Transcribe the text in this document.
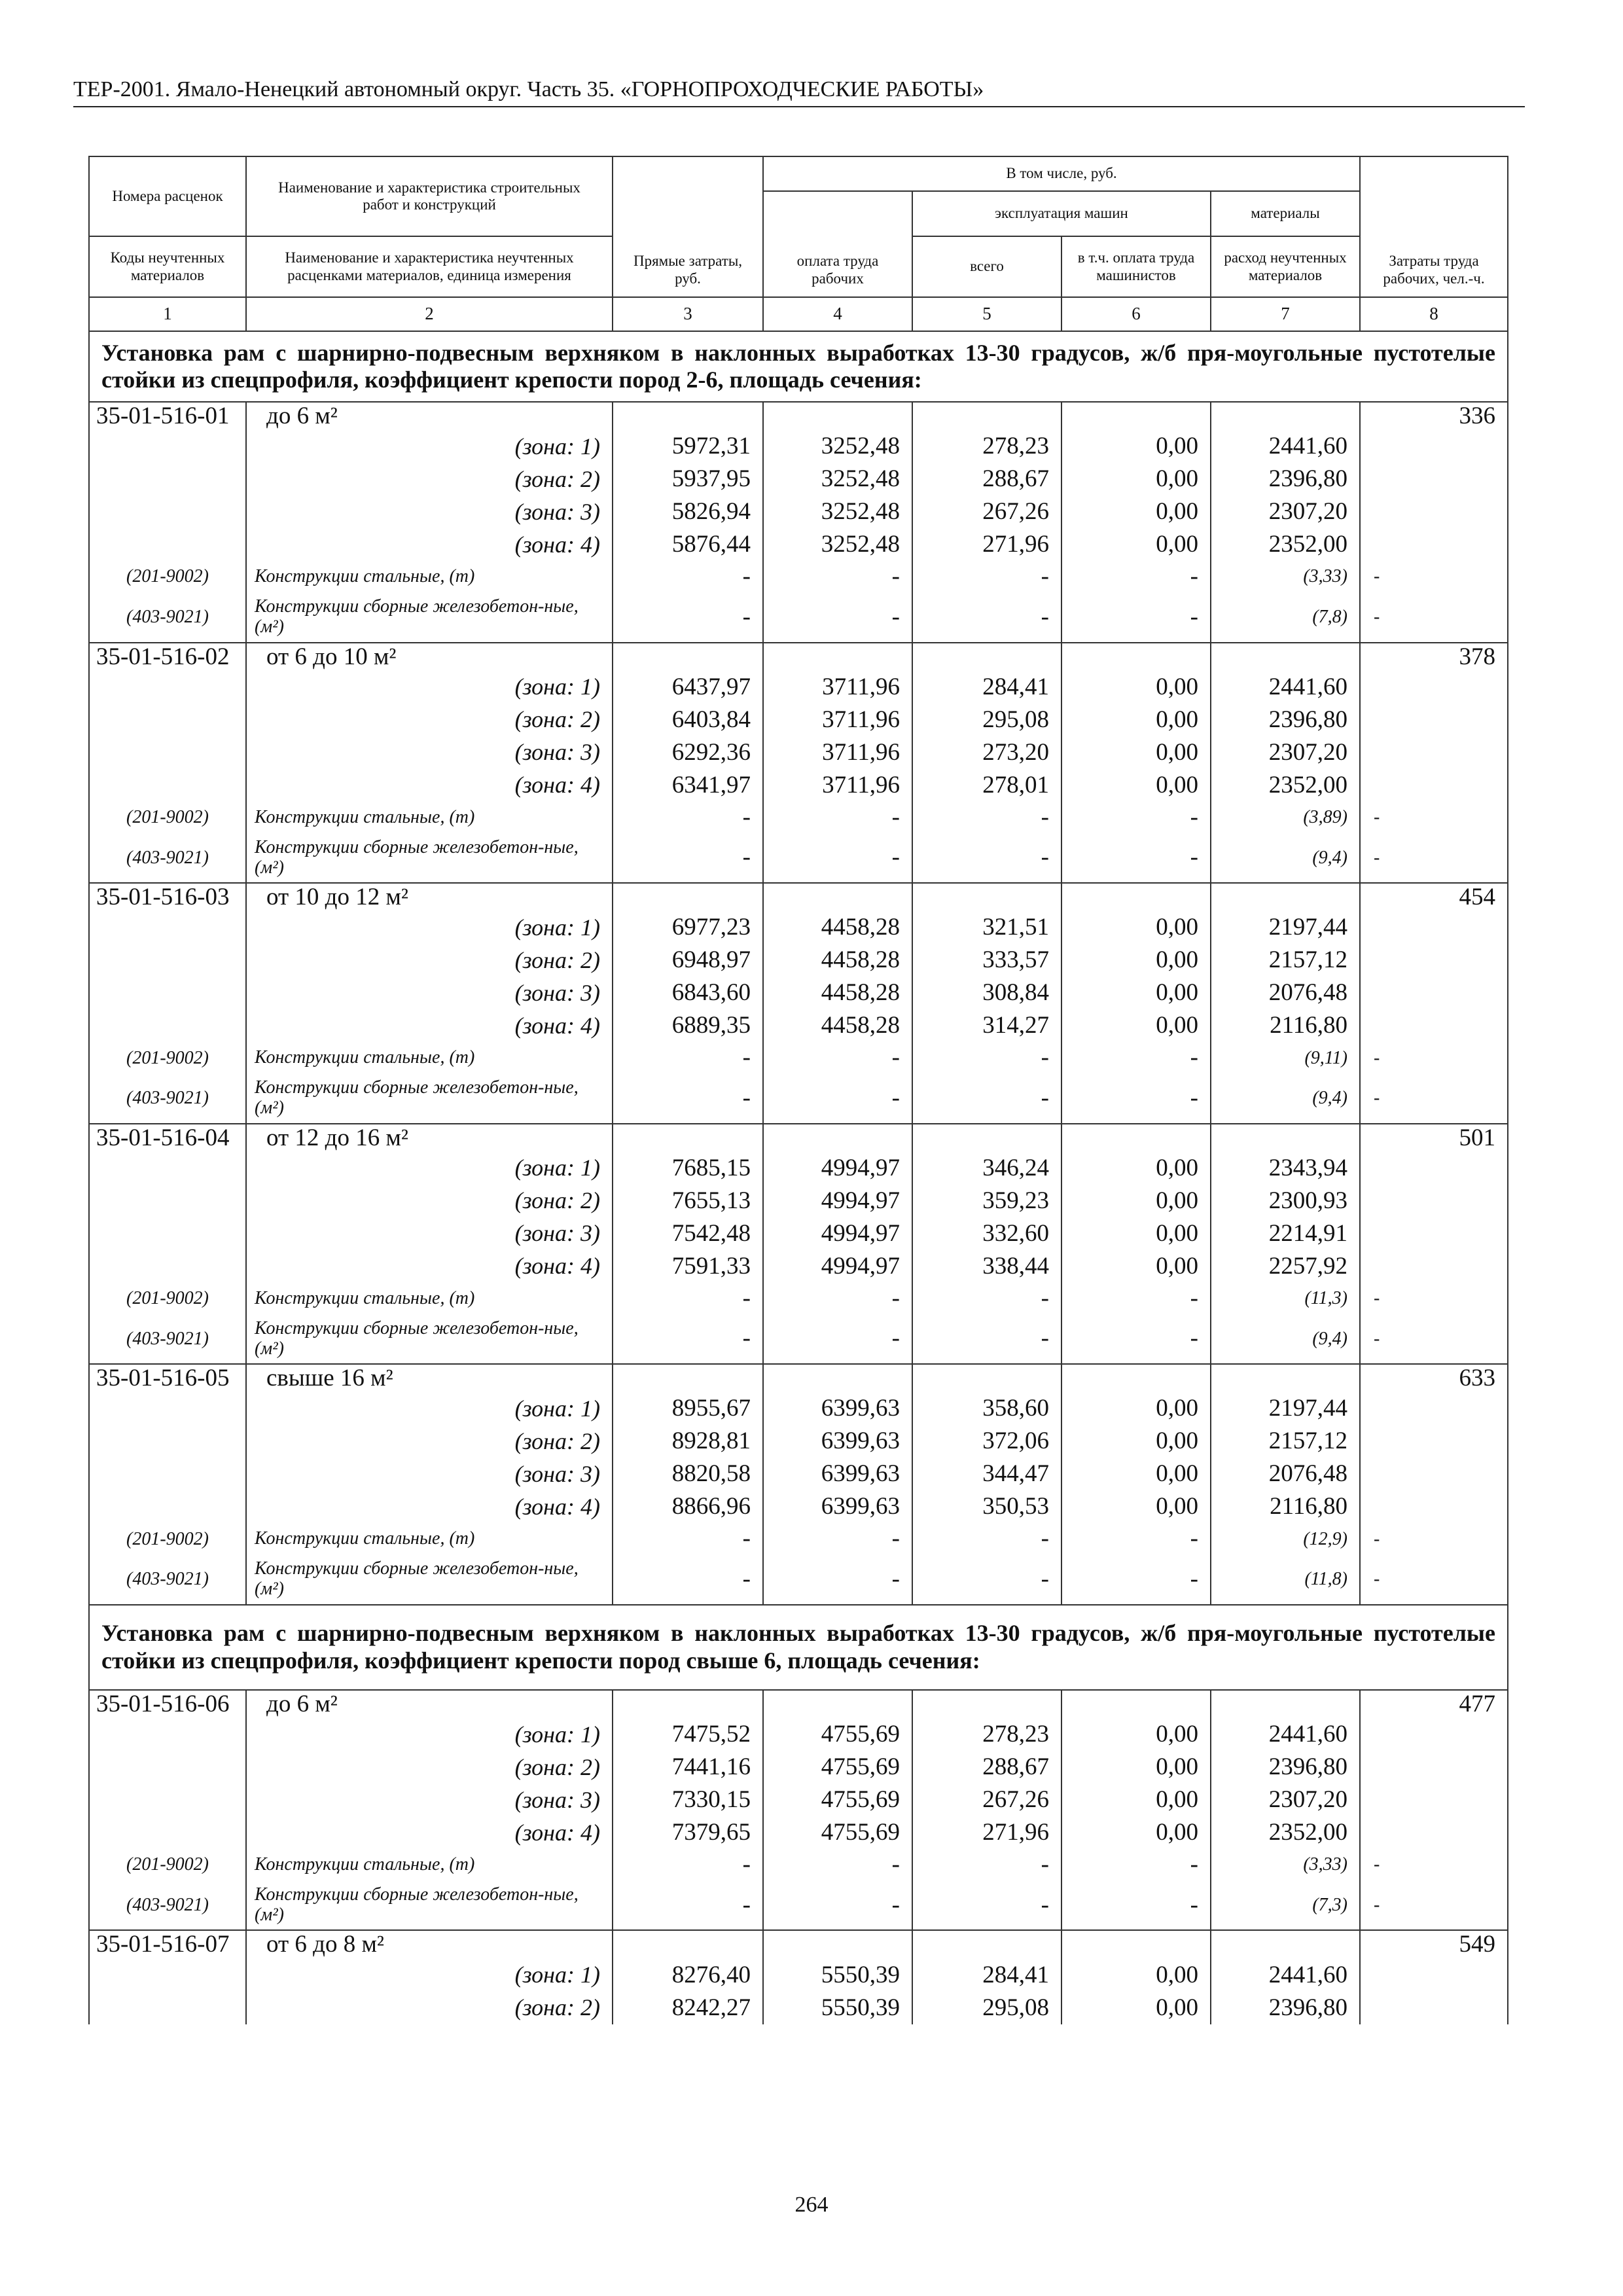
ТЕР-2001. Ямало-Ненецкий автономный округ. Часть 35. «ГОРНОПРОХОДЧЕСКИЕ РАБОТЫ»
Номера расценок	Наименование и характеристика строительных работ и конструкций	Прямые затраты, руб.	В том числе, руб.				Затраты труда рабочих, чел.-ч.
			оплата труда рабочих	эксплуатация машин		материалы	
Коды неучтенных материалов	Наименование и характеристика неучтенных расценками материалов, единица измерения			всего	в т.ч. оплата труда машинистов	расход неучтенных материалов	
1	2	3	4	5	6	7	8
Установка рам с шарнирно-подвесным верхняком в наклонных выработках 13-30 градусов, ж/б пря-моугольные пустотелые стойки из спецпрофиля, коэффициент крепости пород 2-6, площадь сечения:							
35-01-516-01	до 6 м²						336
	(зона: 1)	5972,31	3252,48	278,23	0,00	2441,60	
	(зона: 2)	5937,95	3252,48	288,67	0,00	2396,80	
	(зона: 3)	5826,94	3252,48	267,26	0,00	2307,20	
	(зона: 4)	5876,44	3252,48	271,96	0,00	2352,00	
(201-9002)	Конструкции стальные, (т)	-	-	-	-	(3,33)	-
(403-9021)	Конструкции сборные железобетон-ные, (м²)	-	-	-	-	(7,8)	-
35-01-516-02	от 6 до 10 м²						378
	(зона: 1)	6437,97	3711,96	284,41	0,00	2441,60	
	(зона: 2)	6403,84	3711,96	295,08	0,00	2396,80	
	(зона: 3)	6292,36	3711,96	273,20	0,00	2307,20	
	(зона: 4)	6341,97	3711,96	278,01	0,00	2352,00	
(201-9002)	Конструкции стальные, (т)	-	-	-	-	(3,89)	-
(403-9021)	Конструкции сборные железобетон-ные, (м²)	-	-	-	-	(9,4)	-
35-01-516-03	от 10 до 12 м²						454
	(зона: 1)	6977,23	4458,28	321,51	0,00	2197,44	
	(зона: 2)	6948,97	4458,28	333,57	0,00	2157,12	
	(зона: 3)	6843,60	4458,28	308,84	0,00	2076,48	
	(зона: 4)	6889,35	4458,28	314,27	0,00	2116,80	
(201-9002)	Конструкции стальные, (т)	-	-	-	-	(9,11)	-
(403-9021)	Конструкции сборные железобетон-ные, (м²)	-	-	-	-	(9,4)	-
35-01-516-04	от 12 до 16 м²						501
	(зона: 1)	7685,15	4994,97	346,24	0,00	2343,94	
	(зона: 2)	7655,13	4994,97	359,23	0,00	2300,93	
	(зона: 3)	7542,48	4994,97	332,60	0,00	2214,91	
	(зона: 4)	7591,33	4994,97	338,44	0,00	2257,92	
(201-9002)	Конструкции стальные, (т)	-	-	-	-	(11,3)	-
(403-9021)	Конструкции сборные железобетон-ные, (м²)	-	-	-	-	(9,4)	-
35-01-516-05	свыше 16 м²						633
	(зона: 1)	8955,67	6399,63	358,60	0,00	2197,44	
	(зона: 2)	8928,81	6399,63	372,06	0,00	2157,12	
	(зона: 3)	8820,58	6399,63	344,47	0,00	2076,48	
	(зона: 4)	8866,96	6399,63	350,53	0,00	2116,80	
(201-9002)	Конструкции стальные, (т)	-	-	-	-	(12,9)	-
(403-9021)	Конструкции сборные железобетон-ные, (м²)	-	-	-	-	(11,8)	-
Установка рам с шарнирно-подвесным верхняком в наклонных выработках 13-30 градусов, ж/б пря-моугольные пустотелые стойки из спецпрофиля, коэффициент крепости пород свыше 6, площадь сечения:							
35-01-516-06	до 6 м²						477
	(зона: 1)	7475,52	4755,69	278,23	0,00	2441,60	
	(зона: 2)	7441,16	4755,69	288,67	0,00	2396,80	
	(зона: 3)	7330,15	4755,69	267,26	0,00	2307,20	
	(зона: 4)	7379,65	4755,69	271,96	0,00	2352,00	
(201-9002)	Конструкции стальные, (т)	-	-	-	-	(3,33)	-
(403-9021)	Конструкции сборные железобетон-ные, (м²)	-	-	-	-	(7,3)	-
35-01-516-07	от 6 до 8 м²						549
	(зона: 1)	8276,40	5550,39	284,41	0,00	2441,60	
	(зона: 2)	8242,27	5550,39	295,08	0,00	2396,80	
264
